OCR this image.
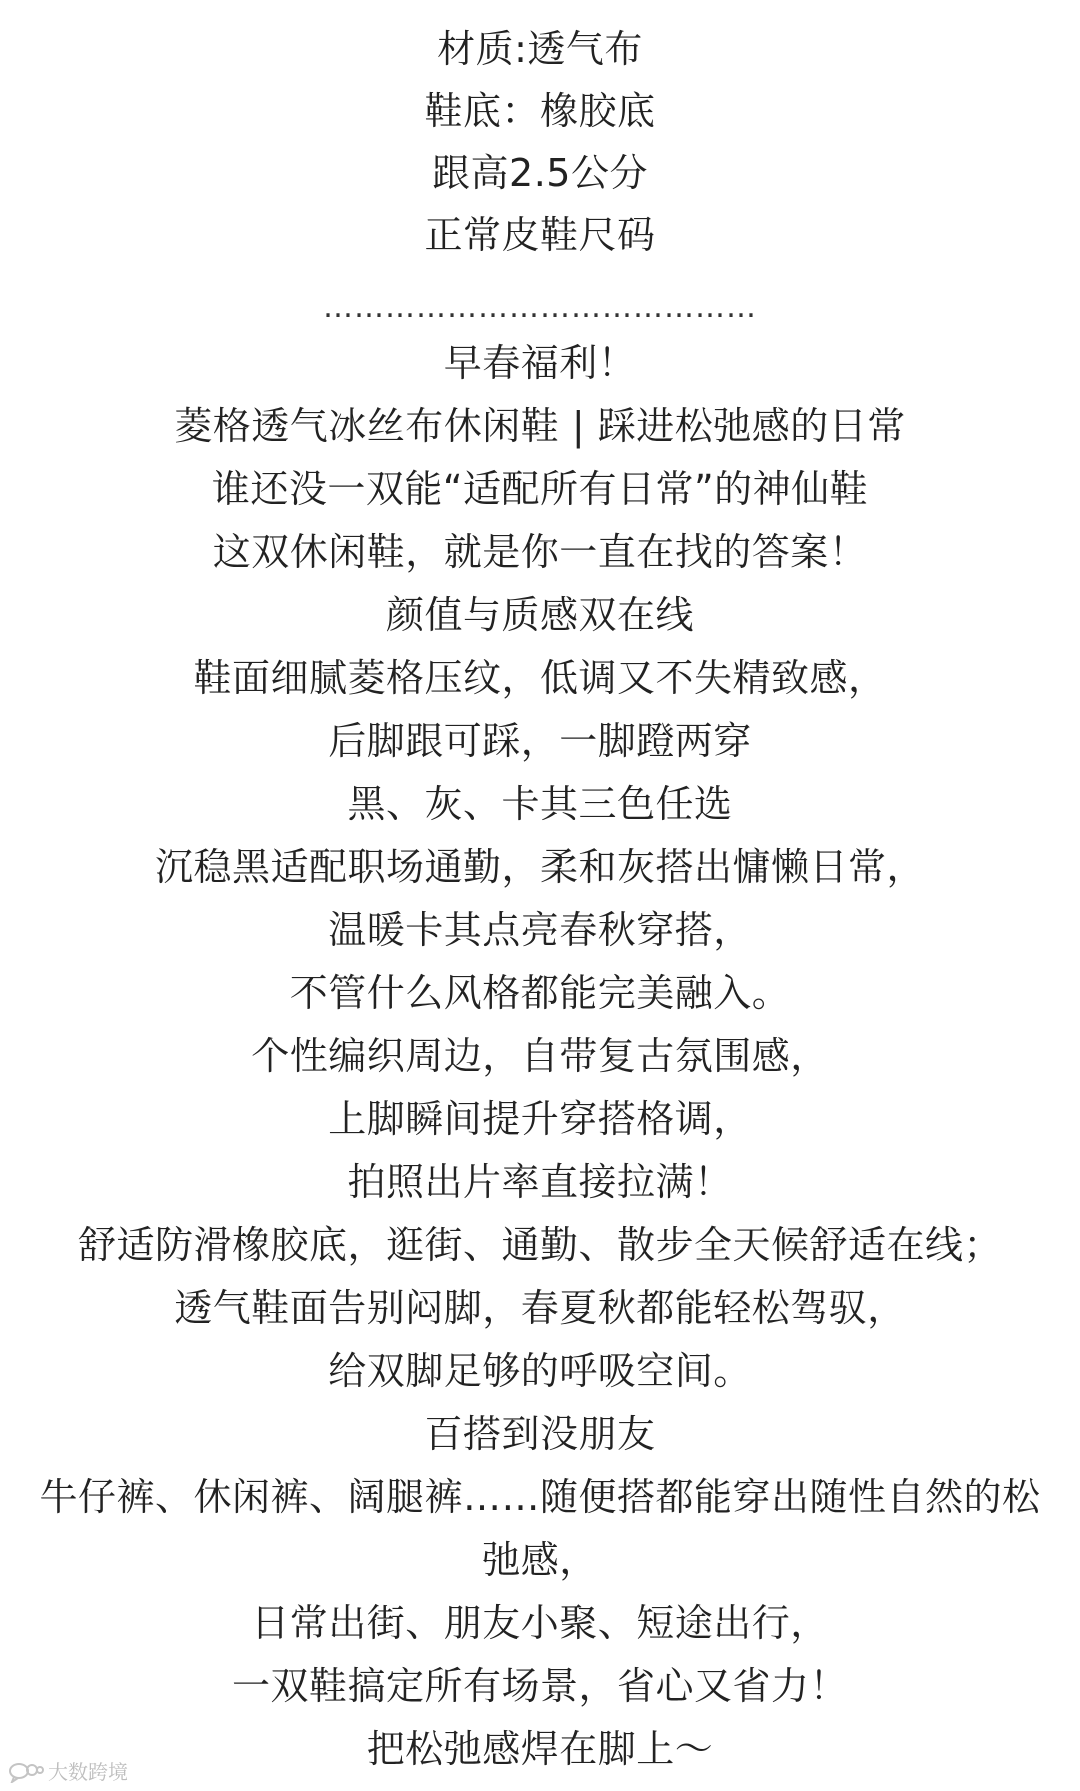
材质:透气布
鞋底：橡胶底
跟高2.5公分
正常皮鞋尺码
……………………………………
早春福利！
菱格透气冰丝布休闲鞋 | 踩进松弛感的日常
谁还没一双能“适配所有日常”的神仙鞋
这双休闲鞋，就是你一直在找的答案！
颜值与质感双在线
鞋面细腻菱格压纹，低调又不失精致感，
后脚跟可踩，一脚蹬两穿
黑、灰、卡其三色任选
沉稳黑适配职场通勤，柔和灰搭出慵懒日常，
温暖卡其点亮春秋穿搭，
不管什么风格都能完美融入。
个性编织周边，自带复古氛围感，
上脚瞬间提升穿搭格调，
拍照出片率直接拉满！
舒适防滑橡胶底，逛街、通勤、散步全天候舒适在线；
透气鞋面告别闷脚，春夏秋都能轻松驾驭，
给双脚足够的呼吸空间。
百搭到没朋友
牛仔裤、休闲裤、阔腿裤……随便搭都能穿出随性自然的松
弛感，
日常出街、朋友小聚、短途出行，
一双鞋搞定所有场景，省心又省力！
把松弛感焊在脚上～
大数跨境
